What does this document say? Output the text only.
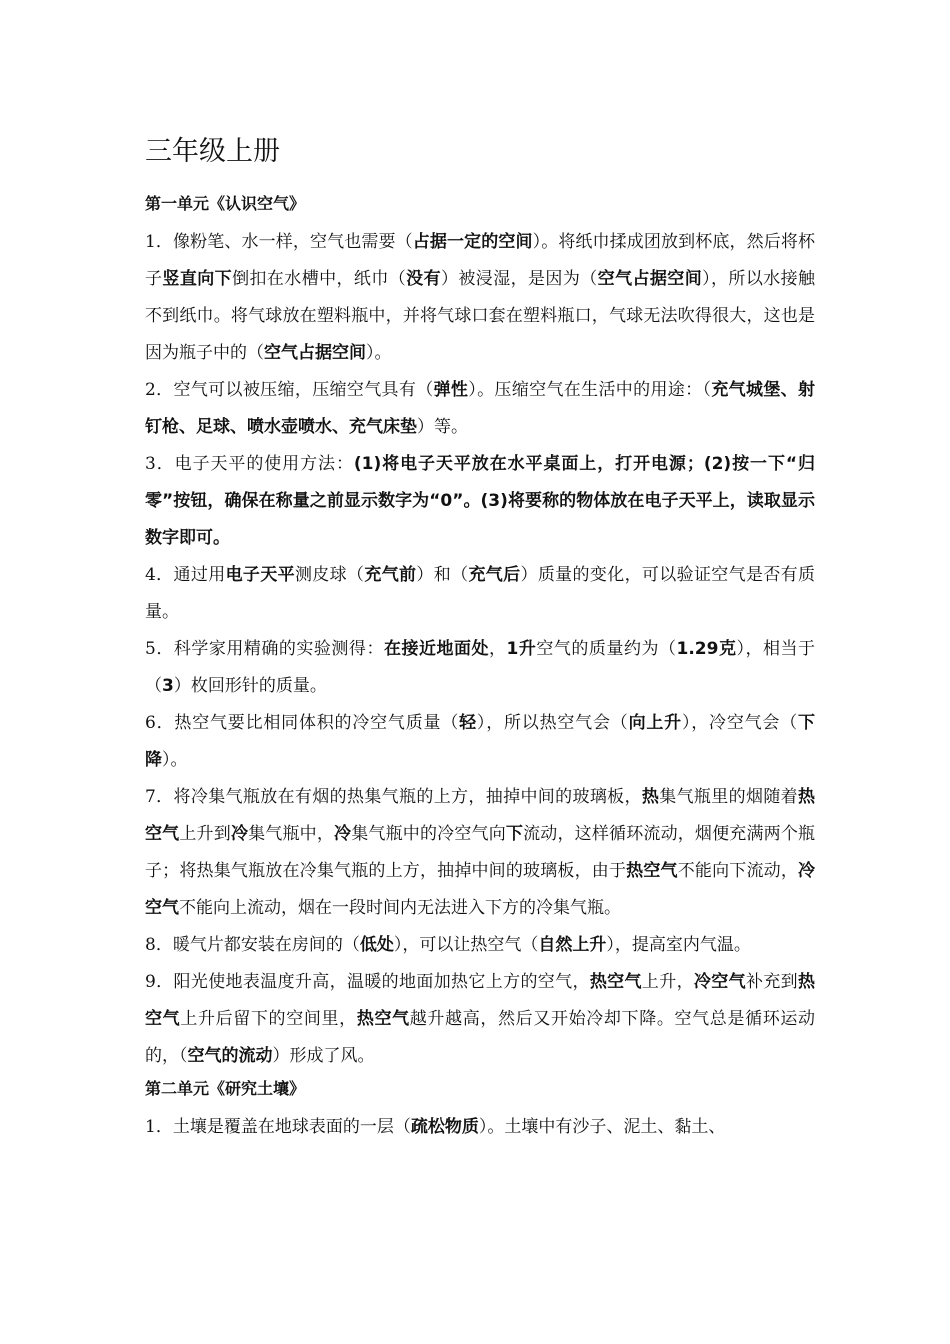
三年级上册
第一单元《认识空气》

1．像粉笔、水一样，空气也需要（占据一定的空间）。将纸巾揉成团放到杯底，然后将杯子竖直向下倒扣在水槽中，纸巾（没有）被浸湿，是因为（空气占据空间），所以水接触不到纸巾。将气球放在塑料瓶中，并将气球口套在塑料瓶口，气球无法吹得很大，这也是因为瓶子中的（空气占据空间）。

2．空气可以被压缩，压缩空气具有（弹性）。压缩空气在生活中的用途：（充气城堡、射钉枪、足球、喷水壶喷水、充气床垫）等。

3．电子天平的使用方法：(1)将电子天平放在水平桌面上，打开电源；(2)按一下“归零”按钮，确保在称量之前显示数字为“0”。(3)将要称的物体放在电子天平上，读取显示数字即可。

4．通过用电子天平测皮球（充气前）和（充气后）质量的变化，可以验证空气是否有质量。

5．科学家用精确的实验测得：在接近地面处，1升空气的质量约为（1.29克），相当于（3）枚回形针的质量。

6．热空气要比相同体积的冷空气质量（轻），所以热空气会（向上升），冷空气会（下降）。

7．将冷集气瓶放在有烟的热集气瓶的上方，抽掉中间的玻璃板，热集气瓶里的烟随着热空气上升到冷集气瓶中，冷集气瓶中的冷空气向下流动，这样循环流动，烟便充满两个瓶子；将热集气瓶放在冷集气瓶的上方，抽掉中间的玻璃板，由于热空气不能向下流动，冷空气不能向上流动，烟在一段时间内无法进入下方的冷集气瓶。

8．暖气片都安装在房间的（低处），可以让热空气（自然上升），提高室内气温。

9．阳光使地表温度升高，温暖的地面加热它上方的空气，热空气上升，冷空气补充到热空气上升后留下的空间里，热空气越升越高，然后又开始冷却下降。空气总是循环运动的，（空气的流动）形成了风。

第二单元《研究土壤》

1．土壤是覆盖在地球表面的一层（疏松物质）。土壤中有沙子、泥土、黏土、
